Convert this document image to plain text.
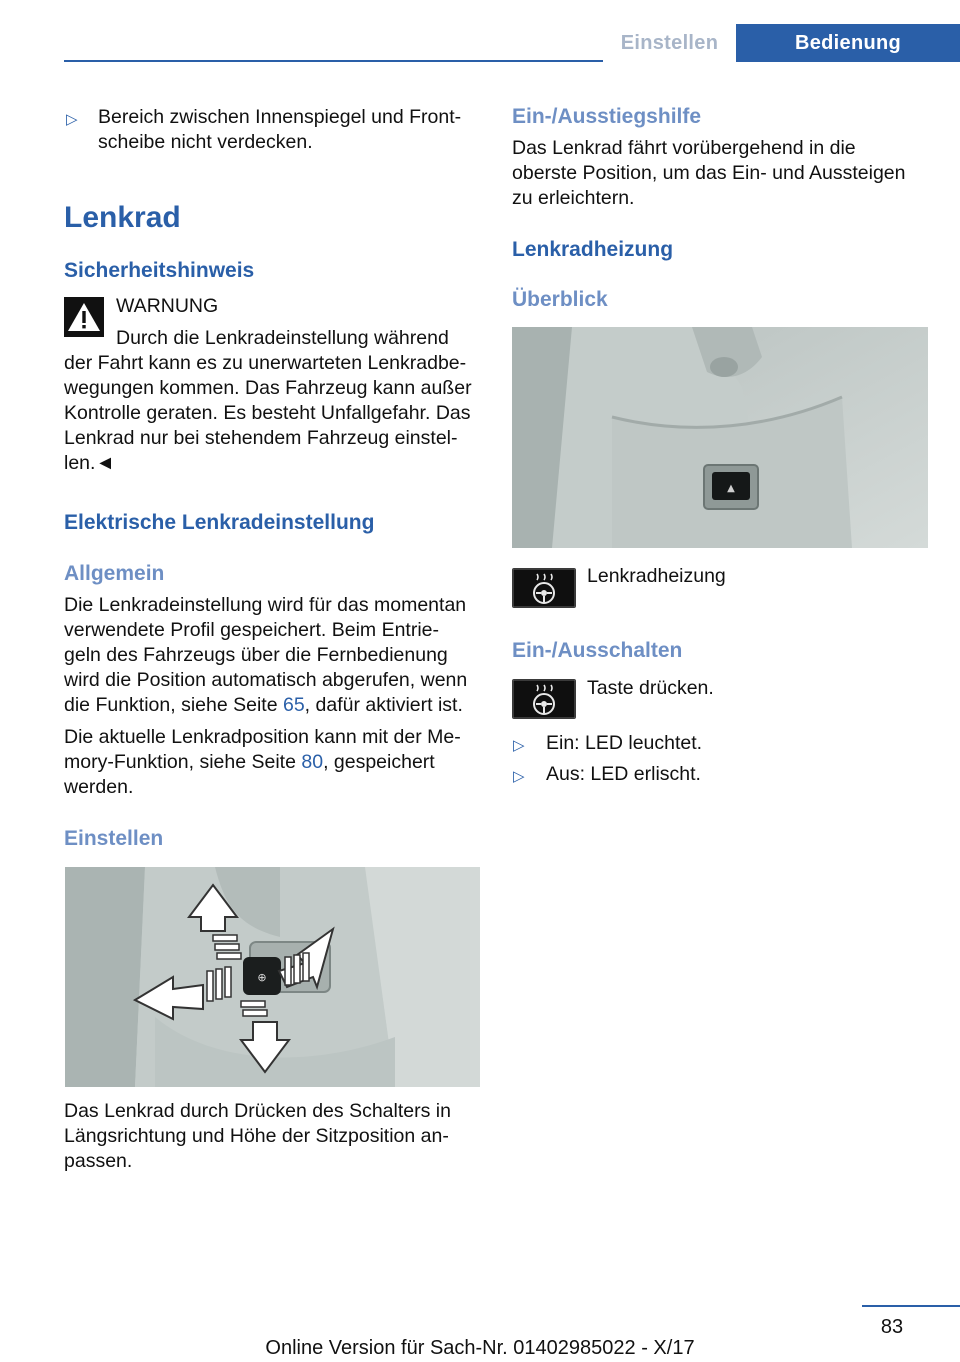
Einstellen	Bedienung
▷ Bereich zwischen Innenspiegel und Front-
scheibe nicht verdecken.
Lenkrad
Sicherheitshinweis
WARNUNG
Durch die Lenkradeinstellung während
der Fahrt kann es zu unerwarteten Lenkradbe-
wegungen kommen. Das Fahrzeug kann außer
Kontrolle geraten. Es besteht Unfallgefahr. Das
Lenkrad nur bei stehendem Fahrzeug einstel-
len.◄
Elektrische Lenkradeinstellung
Allgemein
Die Lenkradeinstellung wird für das momentan
verwendete Profil gespeichert. Beim Entrie-
geln des Fahrzeugs über die Fernbedienung
wird die Position automatisch abgerufen, wenn
die Funktion, siehe Seite 65, dafür aktiviert ist.
Die aktuelle Lenkradposition kann mit der Me-
mory-Funktion, siehe Seite 80, gespeichert
werden.
Einstellen
⊕
Das Lenkrad durch Drücken des Schalters in
Längsrichtung und Höhe der Sitzposition an-
passen.
Ein-/Ausstiegshilfe
Das Lenkrad fährt vorübergehend in die
oberste Position, um das Ein- und Aussteigen
zu erleichtern.
Lenkradheizung
Überblick
▲
Lenkradheizung
Ein-/Ausschalten
Taste drücken.
▷ Ein: LED leuchtet.
▷ Aus: LED erlischt.
83
Online Version für Sach-Nr. 01402985022 - X/17
